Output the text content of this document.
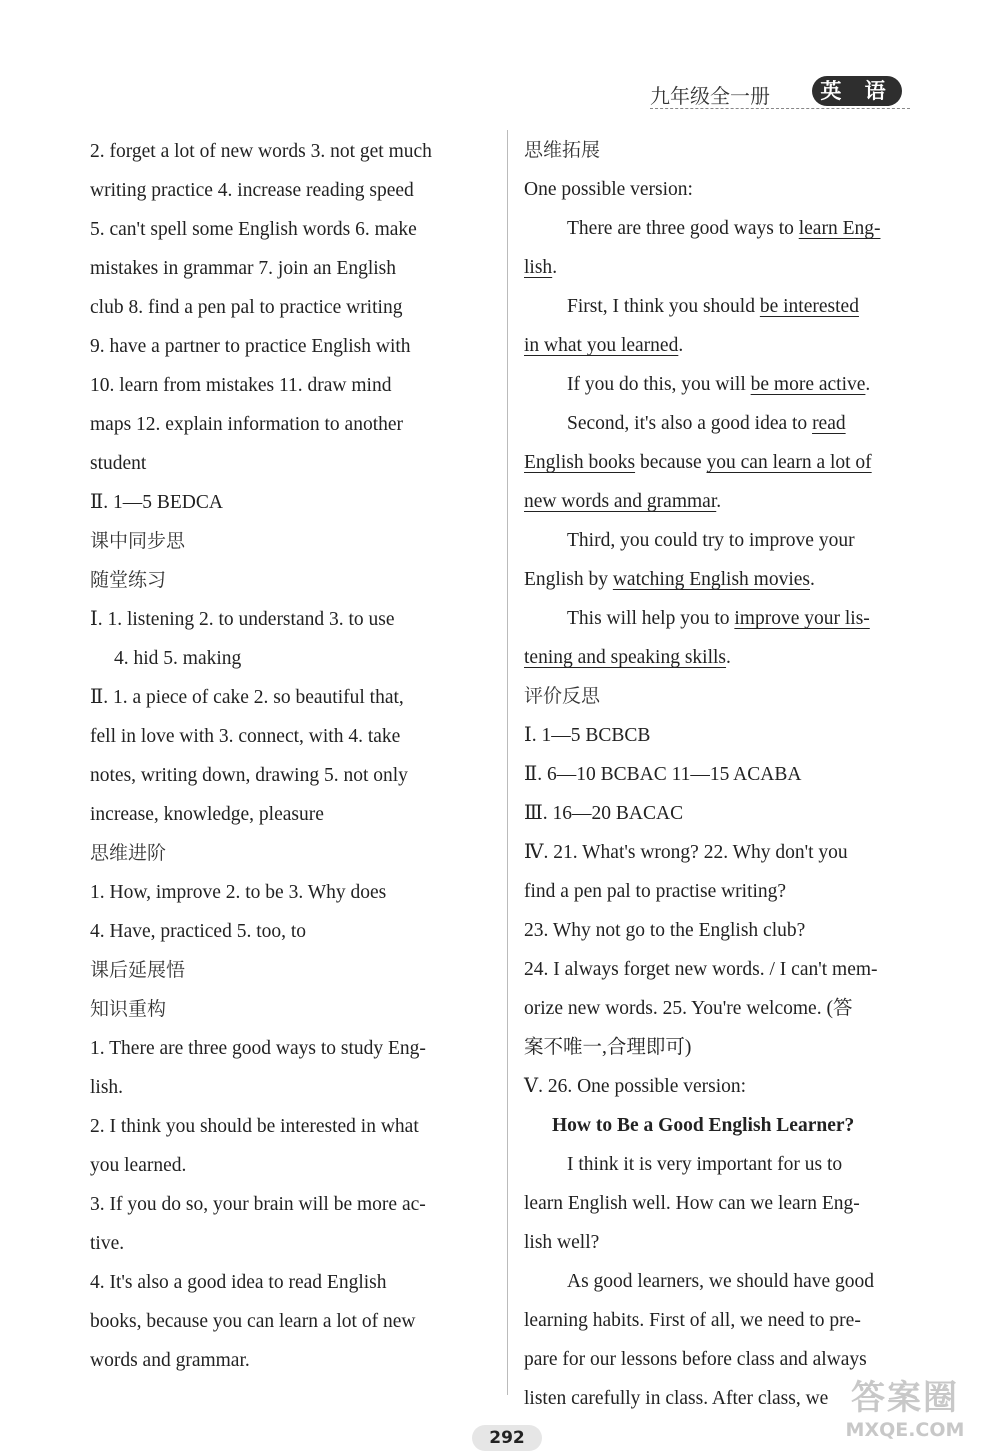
九年级全一册	英 语
2. forget a lot of new words 3. not get much
writing practice 4. increase reading speed
5. can't spell some English words 6. make
mistakes in grammar 7. join an English
club 8. find a pen pal to practice writing
9. have a partner to practice English with
10. learn from mistakes 11. draw mind
maps 12. explain information to another
student
Ⅱ. 1—5 BEDCA
课中同步思
随堂练习
Ⅰ. 1. listening 2. to understand 3. to use
4. hid 5. making
Ⅱ. 1. a piece of cake 2. so beautiful that,
fell in love with 3. connect, with 4. take
notes, writing down, drawing 5. not only
increase, knowledge, pleasure
思维进阶
1. How, improve 2. to be 3. Why does
4. Have, practiced 5. too, to
课后延展悟
知识重构
1. There are three good ways to study Eng-
lish.
2. I think you should be interested in what
you learned.
3. If you do so, your brain will be more ac-
tive.
4. It's also a good idea to read English
books, because you can learn a lot of new
words and grammar.
思维拓展
One possible version:
There are three good ways to learn Eng-
lish.
First, I think you should be interested
in what you learned.
If you do this, you will be more active.
Second, it's also a good idea to read
English books because you can learn a lot of
new words and grammar.
Third, you could try to improve your
English by watching English movies.
This will help you to improve your lis-
tening and speaking skills.
评价反思
Ⅰ. 1—5 BCBCB
Ⅱ. 6—10 BCBAC 11—15 ACABA
Ⅲ. 16—20 BACAC
Ⅳ. 21. What's wrong? 22. Why don't you
find a pen pal to practise writing?
23. Why not go to the English club?
24. I always forget new words. / I can't mem-
orize new words. 25. You're welcome. (答
案不唯一,合理即可)
Ⅴ. 26. One possible version:
How to Be a Good English Learner?
I think it is very important for us to
learn English well. How can we learn Eng-
lish well?
As good learners, we should have good
learning habits. First of all, we need to pre-
pare for our lessons before class and always
listen carefully in class. After class, we
292
答案圈
MXQE.COM
